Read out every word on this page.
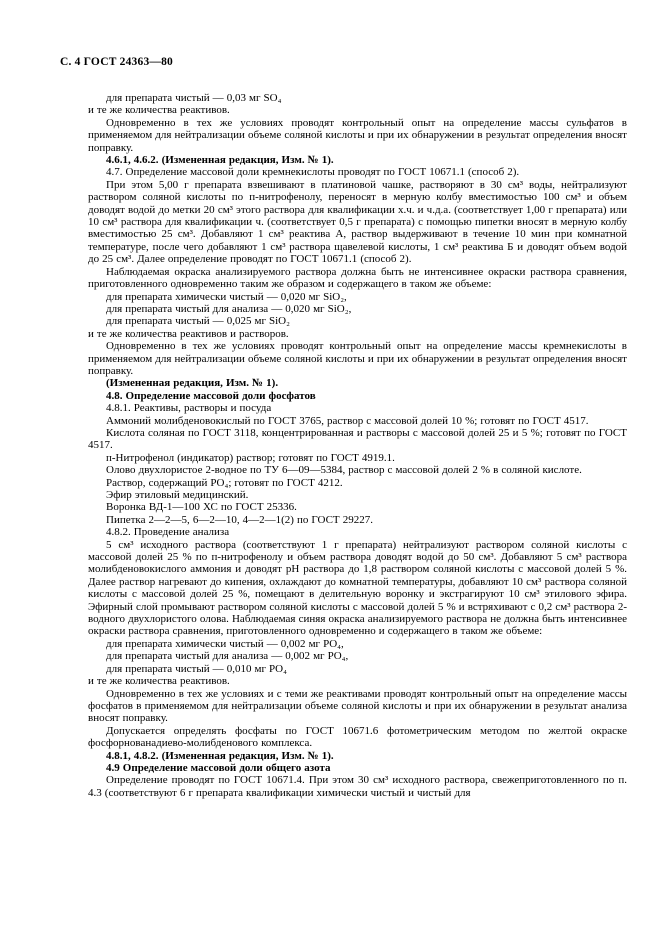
С. 4 ГОСТ 24363—80

для препарата чистый — 0,03 мг SO₄

и те же количества реактивов.

Одновременно в тех же условиях проводят контрольный опыт на определение массы сульфатов в применяемом для нейтрализации объеме соляной кислоты и при их обнаружении в результат определения вносят поправку.

4.6.1, 4.6.2. (Измененная редакция, Изм. № 1).

4.7. Определение массовой доли кремнекислоты проводят по ГОСТ 10671.1 (способ 2).

При этом 5,00 г препарата взвешивают в платиновой чашке, растворяют в 30 см³ воды, нейтрализуют раствором соляной кислоты по п-нитрофенолу, переносят в мерную колбу вместимостью 100 см³ и объем доводят водой до метки 20 см³ этого раствора для квалификации х.ч. и ч.д.а. (соответствует 1,00 г препарата) или 10 см³ раствора для квалификации ч. (соответствует 0,5 г препарата) с помощью пипетки вносят в мерную колбу вместимостью 25 см³. Добавляют 1 см³ реактива А, раствор выдерживают в течение 10 мин при комнатной температуре, после чего добавляют 1 см³ раствора щавелевой кислоты, 1 см³ реактива Б и доводят объем водой до 25 см³. Далее определение проводят по ГОСТ 10671.1 (способ 2).

Наблюдаемая окраска анализируемого раствора должна быть не интенсивнее окраски раствора сравнения, приготовленного одновременно таким же образом и содержащего в таком же объеме:

для препарата химически чистый — 0,020 мг SiO₂,

для препарата чистый для анализа — 0,020 мг SiO₂,

для препарата чистый — 0,025 мг SiO₂

и те же количества реактивов и растворов.

Одновременно в тех же условиях проводят контрольный опыт на определение массы кремнекислоты в применяемом для нейтрализации объеме соляной кислоты и при их обнаружении в результат определения вносят поправку.

(Измененная редакция, Изм. № 1).

4.8. Определение массовой доли фосфатов

4.8.1. Реактивы, растворы и посуда

Аммоний молибденовокислый по ГОСТ 3765, раствор с массовой долей 10 %; готовят по ГОСТ 4517.

Кислота соляная по ГОСТ 3118, концентрированная и растворы с массовой долей 25 и 5 %; готовят по ГОСТ 4517.

п-Нитрофенол (индикатор) раствор; готовят по ГОСТ 4919.1.

Олово двухлористое 2-водное по ТУ 6—09—5384, раствор с массовой долей 2 % в соляной кислоте.

Раствор, содержащий PO₄; готовят по ГОСТ 4212.

Эфир этиловый медицинский.

Воронка ВД-1—100 ХС по ГОСТ 25336.

Пипетка 2—2—5, 6—2—10, 4—2—1(2) по ГОСТ 29227.

4.8.2. Проведение анализа

5 см³ исходного раствора (соответствуют 1 г препарата) нейтрализуют раствором соляной кислоты с массовой долей 25 % по п-нитрофенолу и объем раствора доводят водой до 50 см³. Добавляют 5 см³ раствора молибденовокислого аммония и доводят pH раствора до 1,8 раствором соляной кислоты с массовой долей 5 %. Далее раствор нагревают до кипения, охлаждают до комнатной температуры, добавляют 10 см³ раствора соляной кислоты с массовой долей 25 %, помещают в делительную воронку и экстрагируют 10 см³ этилового эфира. Эфирный слой промывают раствором соляной кислоты с массовой долей 5 % и встряхивают с 0,2 см³ раствора 2-водного двухлористого олова. Наблюдаемая синяя окраска анализируемого раствора не должна быть интенсивнее окраски раствора сравнения, приготовленного одновременно и содержащего в таком же объеме:

для препарата химически чистый — 0,002 мг PO₄,

для препарата чистый для анализа — 0,002 мг PO₄,

для препарата чистый — 0,010 мг PO₄

и те же количества реактивов.

Одновременно в тех же условиях и с теми же реактивами проводят контрольный опыт на определение массы фосфатов в применяемом для нейтрализации объеме соляной кислоты и при их обнаружении в результат анализа вносят поправку.

Допускается определять фосфаты по ГОСТ 10671.6 фотометрическим методом по желтой окраске фосфорнованадиево-молибденового комплекса.

4.8.1, 4.8.2. (Измененная редакция, Изм. № 1).

4.9 Определение массовой доли общего азота

Определение проводят по ГОСТ 10671.4. При этом 30 см³ исходного раствора, свежеприготовленного по п. 4.3 (соответствуют 6 г препарата квалификации химически чистый и чистый для
